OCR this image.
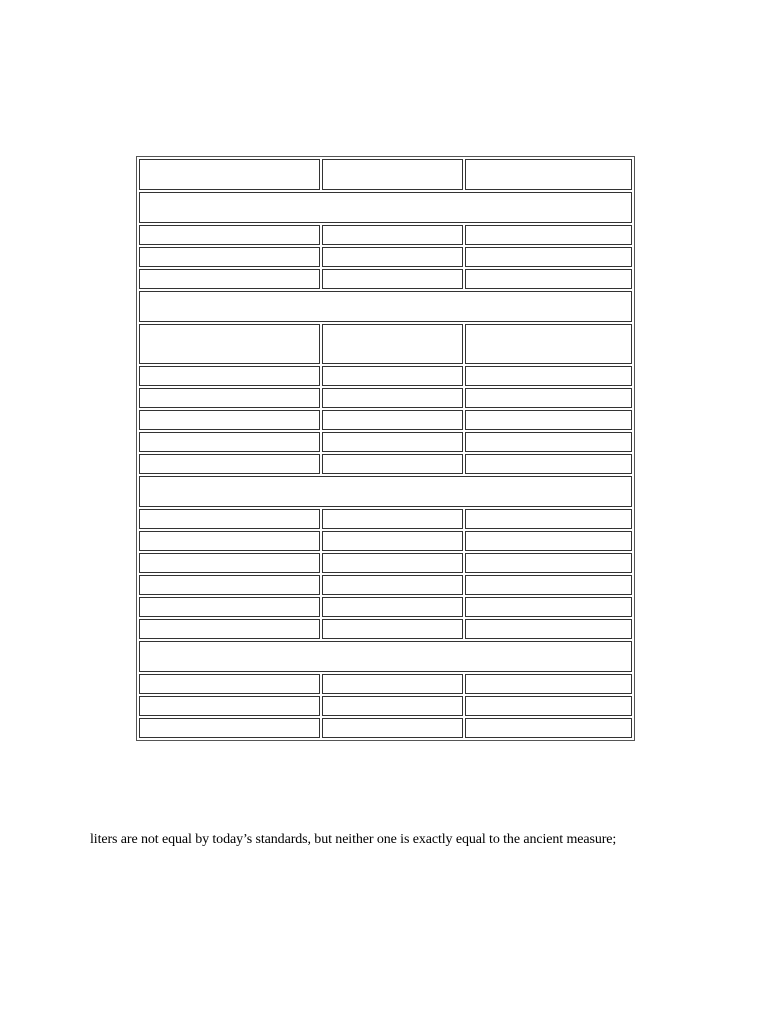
liters are not equal by today’s standards, but neither one is exactly equal to the ancient measure;
